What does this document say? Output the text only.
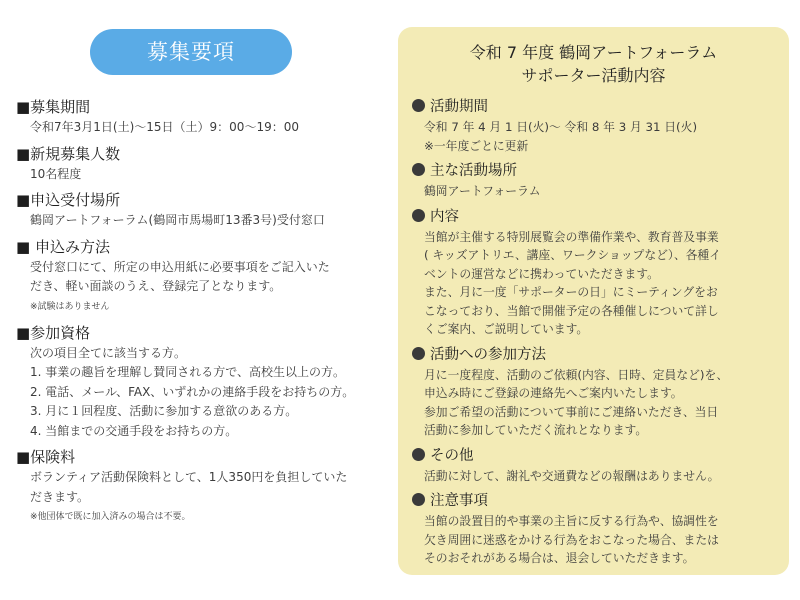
募集要項
■募集期間
令和7年3月1日(土)〜15日（土）9：00〜19：00
■新規募集人数
10名程度
■申込受付場所
鶴岡アートフォーラム(鶴岡市馬場町13番3号)受付窓口
■ 申込み方法
受付窓口にて、所定の申込用紙に必要事項をご記入いた
だき、軽い面談のうえ、登録完了となります。
※試験はありません
■参加資格
次の項目全てに該当する方。
1. 事業の趣旨を理解し賛同される方で、高校生以上の方。
2. 電話、メール、FAX、いずれかの連絡手段をお持ちの方。
3. 月に１回程度、活動に参加する意欲のある方。
4. 当館までの交通手段をお持ちの方。
■保険料
ボランティア活動保険料として、1人350円を負担していた
だきます。
※他団体で既に加入済みの場合は不要。
令和 7 年度 鶴岡アートフォーラム
サポーター活動内容
活動期間
令和 7 年 4 月 1 日(火)〜 令和 8 年 3 月 31 日(火)
※一年度ごとに更新
主な活動場所
鶴岡アートフォーラム
内容
当館が主催する特別展覧会の準備作業や、教育普及事業
( キッズアトリエ、講座、ワークショップなど）、各種イ
ベントの運営などに携わっていただきます。
また、月に一度「サポーターの日」にミーティングをお
こなっており、当館で開催予定の各種催しについて詳し
くご案内、ご説明しています。
活動への参加方法
月に一度程度、活動のご依頼(内容、日時、定員など)を、
申込み時にご登録の連絡先へご案内いたします。
参加ご希望の活動について事前にご連絡いただき、当日
活動に参加していただく流れとなります。
その他
活動に対して、謝礼や交通費などの報酬はありません。
注意事項
当館の設置目的や事業の主旨に反する行為や、協調性を
欠き周囲に迷惑をかける行為をおこなった場合、または
そのおそれがある場合は、退会していただきます。
